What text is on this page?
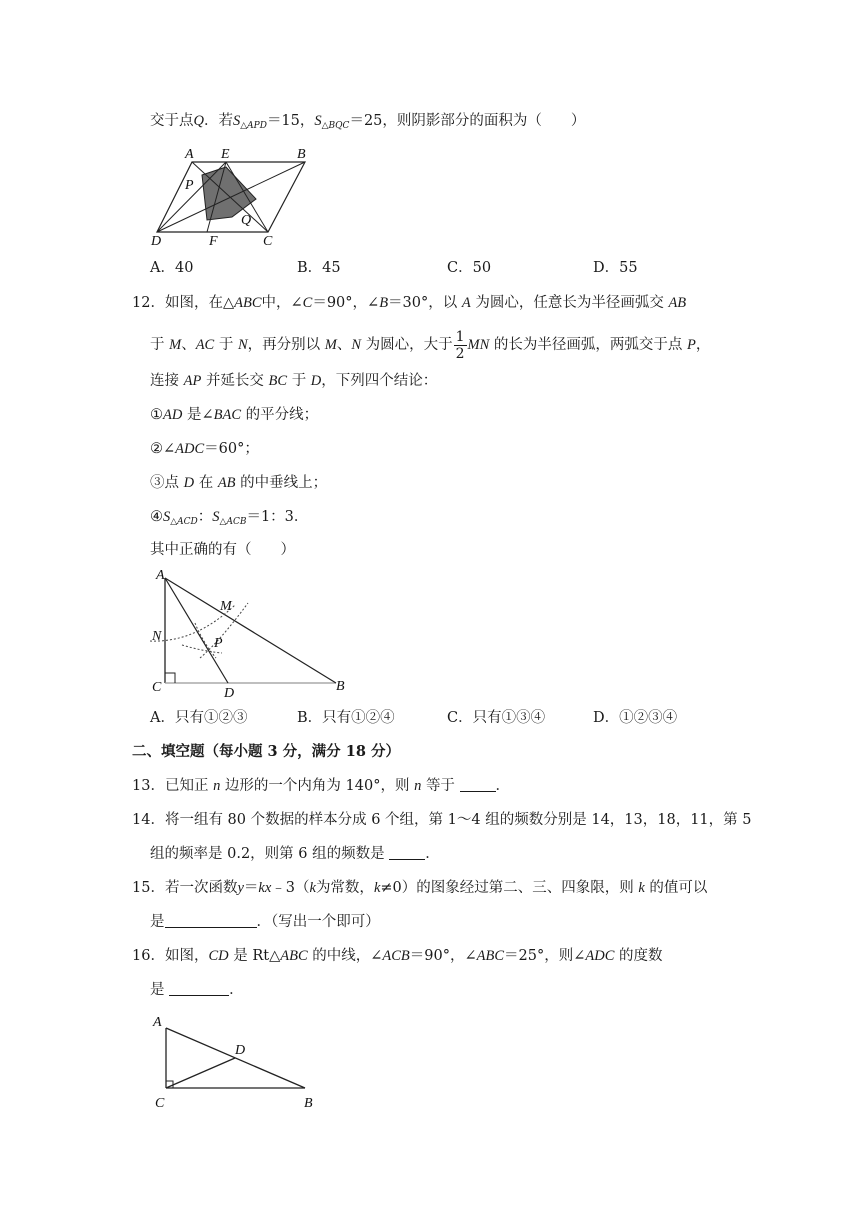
交于点Q．若$S_{\triangle APD}=15$，$S_{\triangle BQC}=25$，则阴影部分的面积为（　　）
A E	B
P
Q
D	F	C
A．40	B．45	C．50	D．55
12．如图，在△ABC中，∠C＝90°，∠B＝30°，以 A 为圆心，任意长为半径画弧交 AB
于 M、AC 于 N，再分别以 M、N 为圆心，大于 $\frac{1}{2}$ MN 的长为半径画弧，两弧交于点 P，
连接 AP 并延长交 BC 于 D，下列四个结论：
①AD 是∠BAC 的平分线；
②∠ADC＝60°；
③点 D 在 AB 的中垂线上；
$④S_{\triangle ACD}$：$S_{\triangle ACB}=1$：3．
其中正确的有（　　）
A
M
N	P
C	D	B
A．只有①②③	B．只有①②④	C．只有①③④	D．①②③④
二、填空题（每小题 3 分，满分 18 分）
13．已知正 n 边形的一个内角为 140°，则 n 等于	．
14．将一组有 80 个数据的样本分成 6 个组，第 1～4 组的频数分别是 14，13，18，11，第 5
组的频率是 0.2，则第 6 组的频数是	．
15．若一次函数y＝kx﹣3（k为常数，k≠0）的图象经过第二、三、四象限，则 k 的值可以
是	．（写出一个即可）
16．如图，CD 是 Rt△ABC 的中线，∠ACB＝90°，∠ABC＝25°，则∠ADC 的度数
是	．
A
D
C	B
